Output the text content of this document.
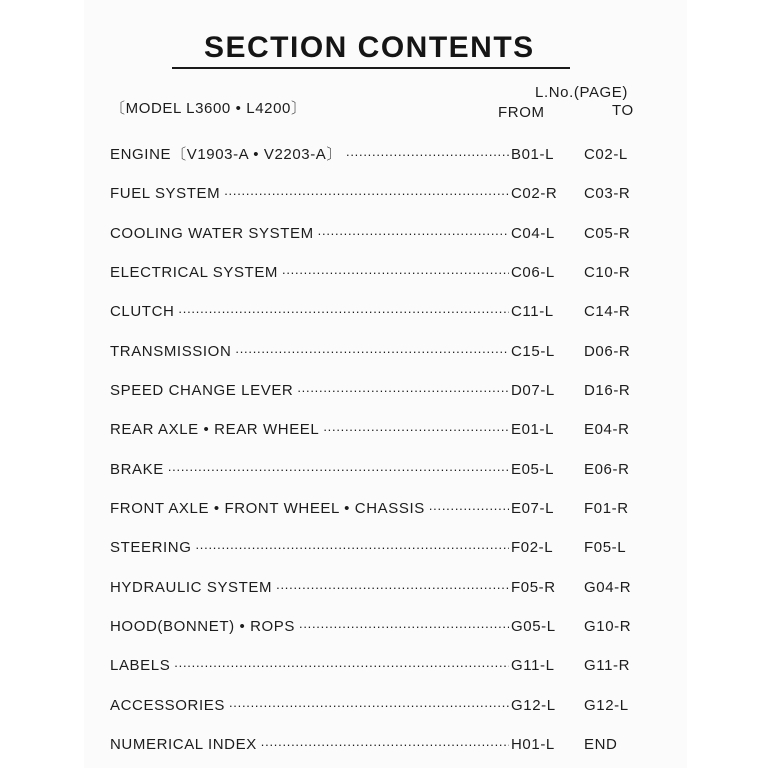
SECTION CONTENTS
〔MODEL L3600 • L4200〕
L.No.(PAGE)
FROM	TO
ENGINE〔V1903-A • V2203-A〕 ·····	B01-L C02-L
FUEL SYSTEM ·····	C02-R C03-R
COOLING WATER SYSTEM ·····	C04-L C05-R
ELECTRICAL SYSTEM ·····	C06-L C10-R
CLUTCH ·····	C11-L C14-R
TRANSMISSION ·····	C15-L D06-R
SPEED CHANGE LEVER ·····	D07-L D16-R
REAR AXLE • REAR WHEEL ·····	E01-L E04-R
BRAKE ·····	E05-L E06-R
FRONT AXLE • FRONT WHEEL • CHASSIS ·····	E07-L F01-R
STEERING ·····	F02-L F05-L
HYDRAULIC SYSTEM ·····	F05-R G04-R
HOOD(BONNET) • ROPS ·····	G05-L G10-R
LABELS ·····	G11-L G11-R
ACCESSORIES ·····	G12-L G12-L
NUMERICAL INDEX ·····	H01-L END
